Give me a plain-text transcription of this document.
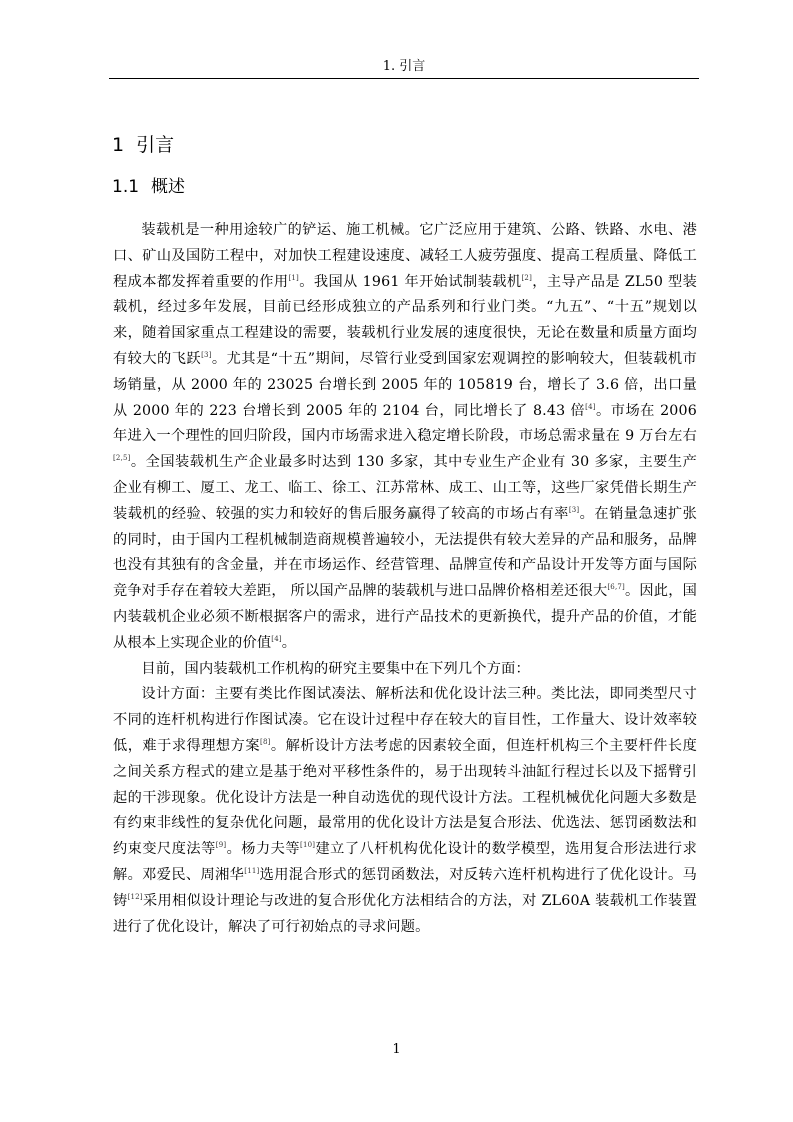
1. 引言
1 引言
1.1 概述

装载机是一种用途较广的铲运、施工机械。它广泛应用于建筑、公路、铁路、水电、港口、矿山及国防工程中，对加快工程建设速度、减轻工人疲劳强度、提高工程质量、降低工程成本都发挥着重要的作用[1]。我国从 1961 年开始试制装载机[2]，主导产品是 ZL50 型装载机，经过多年发展，目前已经形成独立的产品系列和行业门类。“九五”、“十五”规划以来，随着国家重点工程建设的需要，装载机行业发展的速度很快，无论在数量和质量方面均有较大的飞跃[3]。尤其是“十五”期间，尽管行业受到国家宏观调控的影响较大，但装载机市场销量，从 2000 年的 23025 台增长到 2005 年的 105819 台，增长了 3.6 倍，出口量从 2000 年的 223 台增长到 2005 年的 2104 台，同比增长了 8.43 倍[4]。市场在 2006 年进入一个理性的回归阶段，国内市场需求进入稳定增长阶段，市场总需求量在 9 万台左右[2,5]。全国装载机生产企业最多时达到 130 多家，其中专业生产企业有 30 多家，主要生产企业有柳工、厦工、龙工、临工、徐工、江苏常林、成工、山工等，这些厂家凭借长期生产装载机的经验、较强的实力和较好的售后服务赢得了较高的市场占有率[3]。在销量急速扩张的同时，由于国内工程机械制造商规模普遍较小，无法提供有较大差异的产品和服务，品牌也没有其独有的含金量，并在市场运作、经营管理、品牌宣传和产品设计开发等方面与国际竞争对手存在着较大差距， 所以国产品牌的装载机与进口品牌价格相差还很大[6,7]。因此，国内装载机企业必须不断根据客户的需求，进行产品技术的更新换代，提升产品的价值，才能从根本上实现企业的价值[4]。

目前，国内装载机工作机构的研究主要集中在下列几个方面：

设计方面：主要有类比作图试凑法、解析法和优化设计法三种。类比法，即同类型尺寸不同的连杆机构进行作图试凑。它在设计过程中存在较大的盲目性，工作量大、设计效率较低，难于求得理想方案[8]。解析设计方法考虑的因素较全面，但连杆机构三个主要杆件长度之间关系方程式的建立是基于绝对平移性条件的，易于出现转斗油缸行程过长以及下摇臂引起的干涉现象。优化设计方法是一种自动选优的现代设计方法。工程机械优化问题大多数是有约束非线性的复杂优化问题，最常用的优化设计方法是复合形法、优选法、惩罚函数法和约束变尺度法等[9]。杨力夫等[10]建立了八杆机构优化设计的数学模型，选用复合形法进行求解。邓爱民、周湘华[11]选用混合形式的惩罚函数法，对反转六连杆机构进行了优化设计。马铸[12]采用相似设计理论与改进的复合形优化方法相结合的方法，对 ZL60A 装载机工作装置进行了优化设计，解决了可行初始点的寻求问题。

1
